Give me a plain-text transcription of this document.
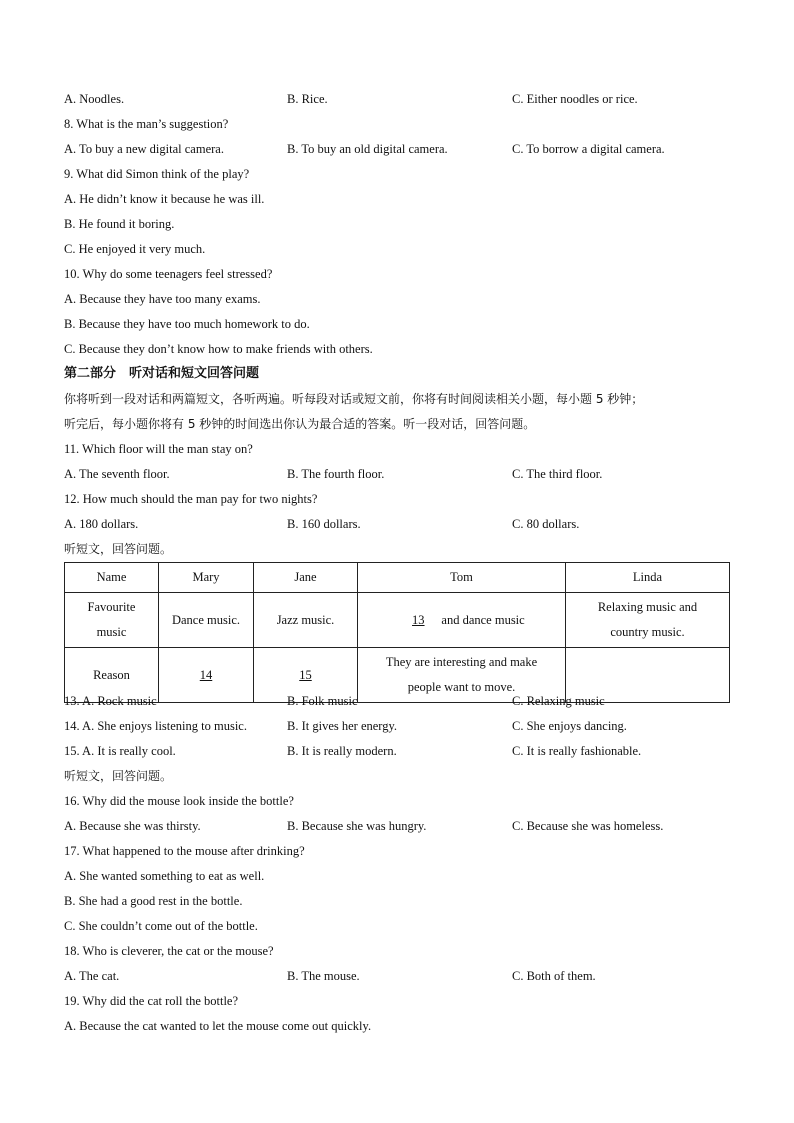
A. Noodles.	B. Rice.	C. Either noodles or rice.
8. What is the man’s suggestion?
A. To buy a new digital camera.	B. To buy an old digital camera.	C. To borrow a digital camera.
9. What did Simon think of the play?
A. He didn’t know it because he was ill.
B. He found it boring.
C. He enjoyed it very much.
10. Why do some teenagers feel stressed?
A. Because they have too many exams.
B. Because they have too much homework to do.
C. Because they don’t know how to make friends with others.
第二部分　听对话和短文回答问题
你将听到一段对话和两篇短文，各听两遍。听每段对话或短文前，你将有时间阅读相关小题，每小题 5 秒钟；
听完后，每小题你将有 5 秒钟的时间选出你认为最合适的答案。听一段对话，回答问题。
11. Which floor will the man stay on?
A. The seventh floor.	B. The fourth floor.	C. The third floor.
12. How much should the man pay for two nights?
A. 180 dollars.	B. 160 dollars.	C. 80 dollars.
听短文，回答问题。
Name	Mary	Jane	Tom	Linda
Favourite
music	Dance music.	Jazz music.	13 and dance music	Relaxing music and
country music.
Reason	14	15	They are interesting and make
people want to move.	
13. A. Rock music	B. Folk music	C. Relaxing music
14. A. She enjoys listening to music.	B. It gives her energy.	C. She enjoys dancing.
15. A. It is really cool.	B. It is really modern.	C. It is really fashionable.
听短文，回答问题。
16. Why did the mouse look inside the bottle?
A. Because she was thirsty.	B. Because she was hungry.	C. Because she was homeless.
17. What happened to the mouse after drinking?
A. She wanted something to eat as well.
B. She had a good rest in the bottle.
C. She couldn’t come out of the bottle.
18. Who is cleverer, the cat or the mouse?
A. The cat.	B. The mouse.	C. Both of them.
19. Why did the cat roll the bottle?
A. Because the cat wanted to let the mouse come out quickly.
